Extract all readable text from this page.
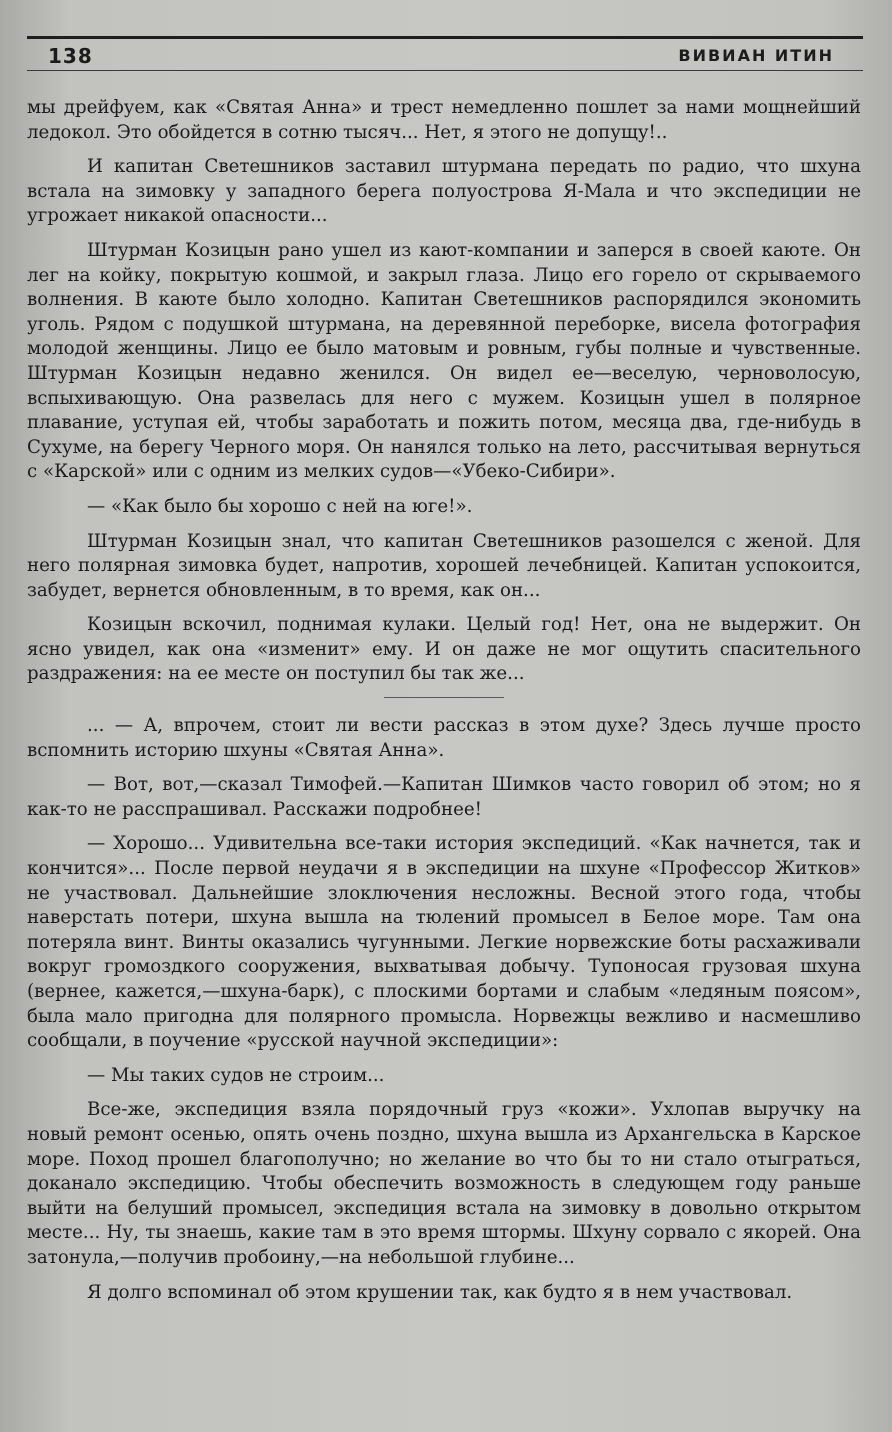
138	ВИВИАН ИТИН

мы дрейфуем, как «Святая Анна» и трест немедленно пошлет за нами мощнейший ледокол. Это обойдется в сотню тысяч... Нет, я этого не допущу!..

И капитан Светешников заставил штурмана передать по радио, что шхуна встала на зимовку у западного берега полуострова Я-Мала и что экспедиции не угрожает никакой опасности...

Штурман Козицын рано ушел из кают-компании и заперся в своей каюте. Он лег на койку, покрытую кошмой, и закрыл глаза. Лицо его горело от скрываемого волнения. В каюте было холодно. Капитан Светешников распорядился экономить уголь. Рядом с подушкой штурмана, на деревянной переборке, висела фотография молодой женщины. Лицо ее было матовым и ровным, губы полные и чувственные. Штурман Козицын недавно женился. Он видел ее—веселую, черноволосую, вспыхивающую. Она развелась для него с мужем. Козицын ушел в полярное плавание, уступая ей, чтобы заработать и пожить потом, месяца два, где-нибудь в Сухуме, на берегу Черного моря. Он нанялся только на лето, рассчитывая вернуться с «Карской» или с одним из мелких судов—«Убеко-Сибири».

— «Как было бы хорошо с ней на юге!».

Штурман Козицын знал, что капитан Светешников разошелся с женой. Для него полярная зимовка будет, напротив, хорошей лечебницей. Капитан успокоится, забудет, вернется обновленным, в то время, как он...

Козицын вскочил, поднимая кулаки. Целый год! Нет, она не выдержит. Он ясно увидел, как она «изменит» ему. И он даже не мог ощутить спасительного раздражения: на ее месте он поступил бы так же...

... — А, впрочем, стоит ли вести рассказ в этом духе? Здесь лучше просто вспомнить историю шхуны «Святая Анна».

— Вот, вот,—сказал Тимофей.—Капитан Шимков часто говорил об этом; но я как-то не расспрашивал. Расскажи подробнее!

— Хорошо... Удивительна все-таки история экспедиций. «Как начнется, так и кончится»... После первой неудачи я в экспедиции на шхуне «Профессор Житков» не участвовал. Дальнейшие злоключения несложны. Весной этого года, чтобы наверстать потери, шхуна вышла на тюлений промысел в Белое море. Там она потеряла винт. Винты оказались чугунными. Легкие норвежские боты расхаживали вокруг громоздкого сооружения, выхватывая добычу. Тупоносая грузовая шхуна (вернее, кажется,—шхуна-барк), с плоскими бортами и слабым «ледяным поясом», была мало пригодна для полярного промысла. Норвежцы вежливо и насмешливо сообщали, в поучение «русской научной экспедиции»:

— Мы таких судов не строим...

Все-же, экспедиция взяла порядочный груз «кожи». Ухлопав выручку на новый ремонт осенью, опять очень поздно, шхуна вышла из Архангельска в Карское море. Поход прошел благополучно; но желание во что бы то ни стало отыграться, доканало экспедицию. Чтобы обеспечить возможность в следующем году раньше выйти на белуший промысел, экспедиция встала на зимовку в довольно открытом месте... Ну, ты знаешь, какие там в это время штормы. Шхуну сорвало с якорей. Она затонула,—получив пробоину,—на небольшой глубине...

Я долго вспоминал об этом крушении так, как будто я в нем участвовал.
